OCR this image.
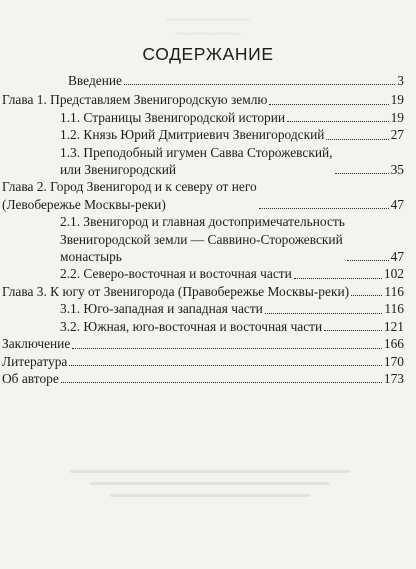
~~~~~~~~~~~~~~
~~~~~~~~~~~
СОДЕРЖАНИЕ
Введение	3
Глава 1. Представляем Звенигородскую землю	19
1.1. Страницы Звенигородской истории	19
1.2. Князь Юрий Дмитриевич Звенигородский	27
1.3. Преподобный игумен Савва Сторожевский,
или Звенигородский	35
Глава 2. Город Звенигород и к северу от него
(Левобережье Москвы-реки)	47
2.1. Звенигород и главная достопримечательность
Звенигородской земли — Саввино-Сторожевский
монастырь	47
2.2. Северо-восточная и восточная части	102
Глава 3. К югу от Звенигорода (Правобережье Москвы-реки)	116
3.1. Юго-западная и западная части	116
3.2. Южная, юго-восточная и восточная части	121
Заключение	166
Литература	170
Об авторе	173
